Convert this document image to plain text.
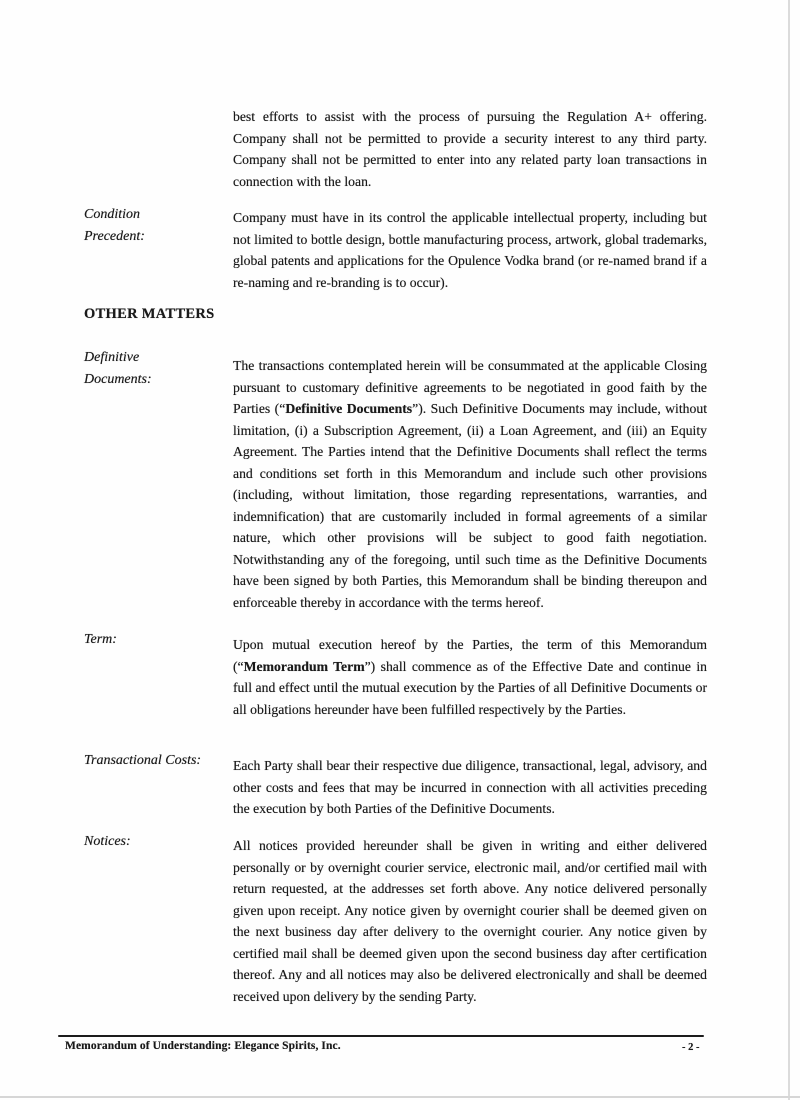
best efforts to assist with the process of pursuing the Regulation A+ offering. Company shall not be permitted to provide a security interest to any third party. Company shall not be permitted to enter into any related party loan transactions in connection with the loan.
Condition Precedent:
Company must have in its control the applicable intellectual property, including but not limited to bottle design, bottle manufacturing process, artwork, global trademarks, global patents and applications for the Opulence Vodka brand (or re-named brand if a re-naming and re-branding is to occur).
OTHER MATTERS
Definitive Documents:
The transactions contemplated herein will be consummated at the applicable Closing pursuant to customary definitive agreements to be negotiated in good faith by the Parties (“Definitive Documents”). Such Definitive Documents may include, without limitation, (i) a Subscription Agreement, (ii) a Loan Agreement, and (iii) an Equity Agreement. The Parties intend that the Definitive Documents shall reflect the terms and conditions set forth in this Memorandum and include such other provisions (including, without limitation, those regarding representations, warranties, and indemnification) that are customarily included in formal agreements of a similar nature, which other provisions will be subject to good faith negotiation. Notwithstanding any of the foregoing, until such time as the Definitive Documents have been signed by both Parties, this Memorandum shall be binding thereupon and enforceable thereby in accordance with the terms hereof.
Term:	Upon mutual execution hereof by the Parties, the term of this Memorandum (“Memorandum Term”) shall commence as of the Effective Date and continue in full and effect until the mutual execution by the Parties of all Definitive Documents or all obligations hereunder have been fulfilled respectively by the Parties.
Transactional Costs: Each Party shall bear their respective due diligence, transactional, legal, advisory, and other costs and fees that may be incurred in connection with all activities preceding the execution by both Parties of the Definitive Documents.
Notices:	All notices provided hereunder shall be given in writing and either delivered personally or by overnight courier service, electronic mail, and/or certified mail with return requested, at the addresses set forth above. Any notice delivered personally given upon receipt. Any notice given by overnight courier shall be deemed given on the next business day after delivery to the overnight courier. Any notice given by certified mail shall be deemed given upon the second business day after certification thereof. Any and all notices may also be delivered electronically and shall be deemed received upon delivery by the sending Party.
Memorandum of Understanding: Elegance Spirits, Inc.	- 2 -
